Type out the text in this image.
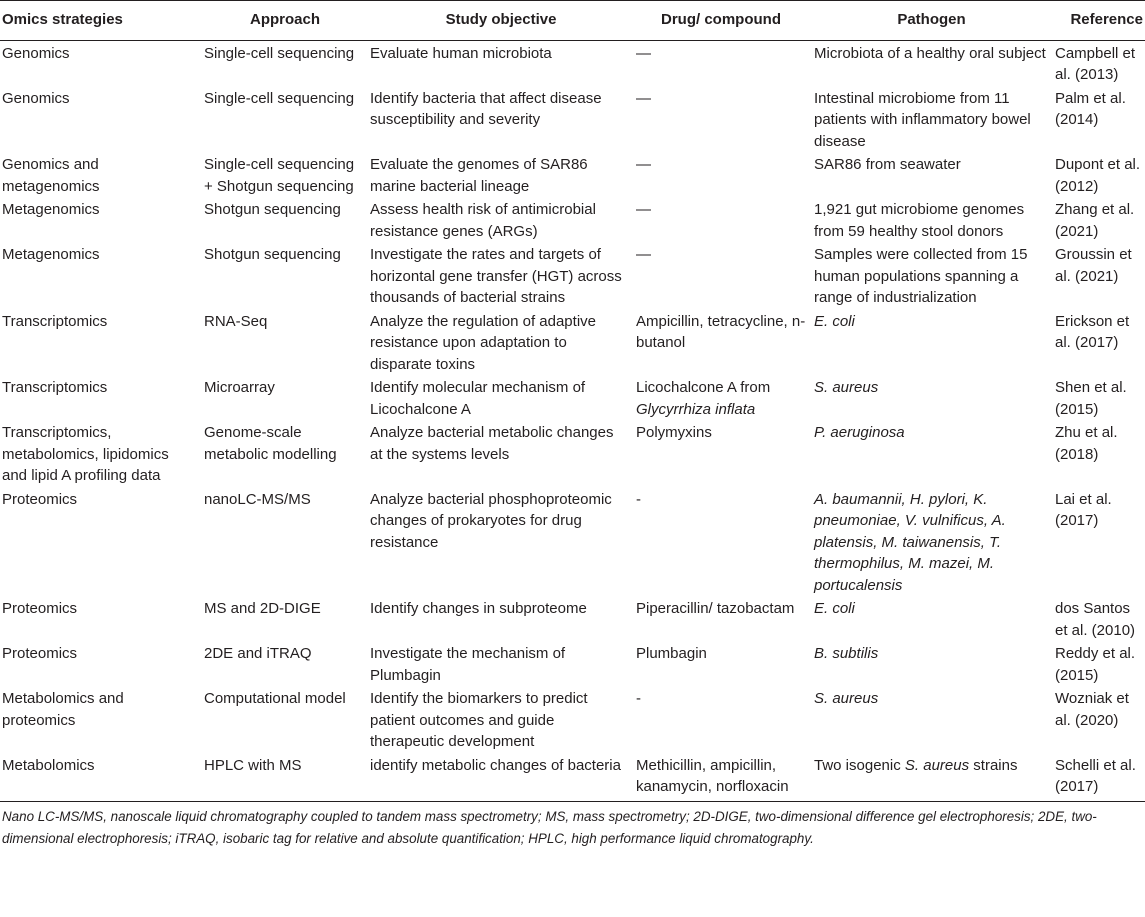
Omics strategies	Approach	Study objective	Drug/ compound	Pathogen	Reference
Genomics	Single-cell sequencing	Evaluate human microbiota	—	Microbiota of a healthy oral subject	Campbell et al. (2013)
Genomics	Single-cell sequencing	Identify bacteria that affect disease susceptibility and severity	—	Intestinal microbiome from 11 patients with inflammatory bowel disease	Palm et al. (2014)
Genomics and metagenomics	Single-cell sequencing + Shotgun sequencing	Evaluate the genomes of SAR86 marine bacterial lineage	—	SAR86 from seawater	Dupont et al. (2012)
Metagenomics	Shotgun sequencing	Assess health risk of antimicrobial resistance genes (ARGs)	—	1,921 gut microbiome genomes from 59 healthy stool donors	Zhang et al. (2021)
Metagenomics	Shotgun sequencing	Investigate the rates and targets of horizontal gene transfer (HGT) across thousands of bacterial strains	—	Samples were collected from 15 human populations spanning a range of industrialization	Groussin et al. (2021)
Transcriptomics	RNA-Seq	Analyze the regulation of adaptive resistance upon adaptation to disparate toxins	Ampicillin, tetracycline, n-butanol	E. coli	Erickson et al. (2017)
Transcriptomics	Microarray	Identify molecular mechanism of Licochalcone A	Licochalcone A from Glycyrrhiza inflata	S. aureus	Shen et al. (2015)
Transcriptomics, metabolomics, lipidomics and lipid A profiling data	Genome-scale metabolic modelling	Analyze bacterial metabolic changes at the systems levels	Polymyxins	P. aeruginosa	Zhu et al. (2018)
Proteomics	nanoLC-MS/MS	Analyze bacterial phosphoproteomic changes of prokaryotes for drug resistance	-	A. baumannii, H. pylori, K. pneumoniae, V. vulnificus, A. platensis, M. taiwanensis, T. thermophilus, M. mazei, M. portucalensis	Lai et al. (2017)
Proteomics	MS and 2D-DIGE	Identify changes in subproteome	Piperacillin/ tazobactam	E. coli	dos Santos et al. (2010)
Proteomics	2DE and iTRAQ	Investigate the mechanism of Plumbagin	Plumbagin	B. subtilis	Reddy et al. (2015)
Metabolomics and proteomics	Computational model	Identify the biomarkers to predict patient outcomes and guide therapeutic development	-	S. aureus	Wozniak et al. (2020)
Metabolomics	HPLC with MS	identify metabolic changes of bacteria	Methicillin, ampicillin, kanamycin, norfloxacin	Two isogenic S. aureus strains	Schelli et al. (2017)
Nano LC-MS/MS, nanoscale liquid chromatography coupled to tandem mass spectrometry; MS, mass spectrometry; 2D-DIGE, two-dimensional difference gel electrophoresis; 2DE, two-dimensional electrophoresis; iTRAQ, isobaric tag for relative and absolute quantification; HPLC, high performance liquid chromatography.
